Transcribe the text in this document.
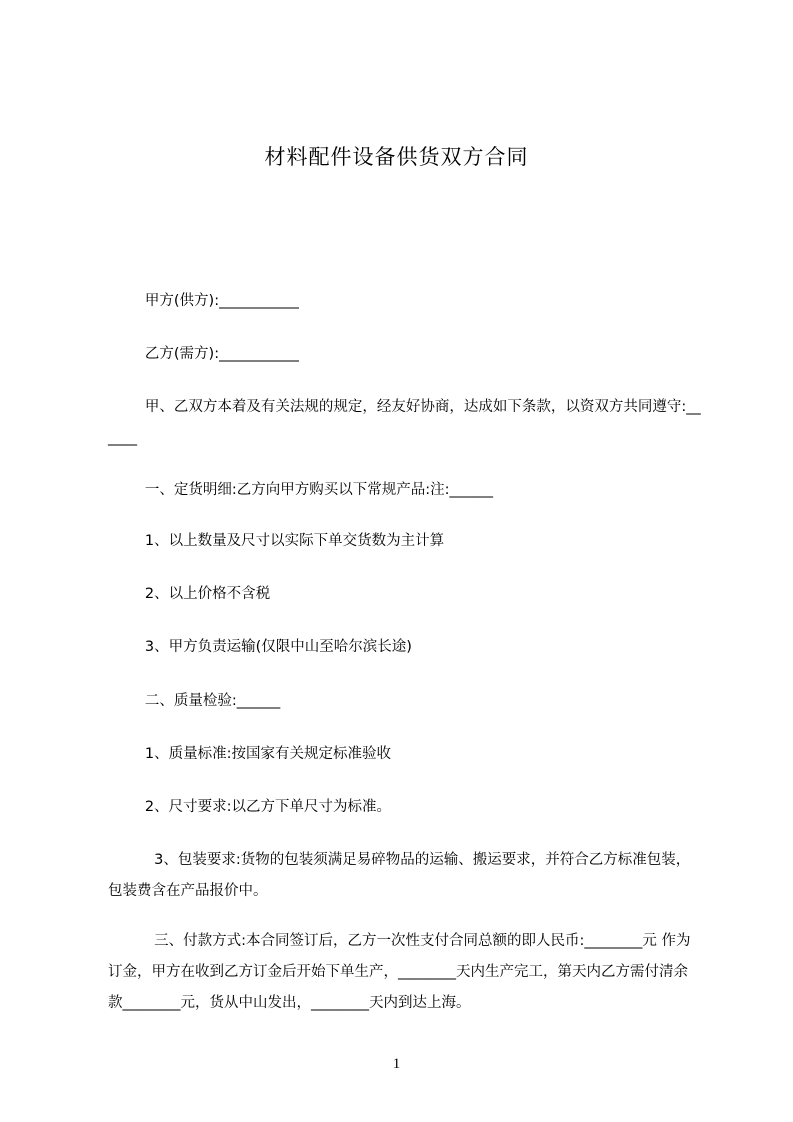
材料配件设备供货双方合同
甲方(供方):___________
乙方(需方):___________
甲、乙双方本着及有关法规的规定，经友好协商，达成如下条款，以资双方共同遵守:______
一、定货明细:乙方向甲方购买以下常规产品:注:______
1、以上数量及尺寸以实际下单交货数为主计算
2、以上价格不含税
3、甲方负责运输(仅限中山至哈尔滨长途)
二、质量检验:______
1、质量标准:按国家有关规定标准验收
2、尺寸要求:以乙方下单尺寸为标准。
3、包装要求:货物的包装须满足易碎物品的运输、搬运要求，并符合乙方标准包装，包装费含在产品报价中。
三、付款方式:本合同签订后，乙方一次性支付合同总额的即人民币:________元 作为订金，甲方在收到乙方订金后开始下单生产，________天内生产完工，第天内乙方需付清余款________元，货从中山发出，________天内到达上海。
1
